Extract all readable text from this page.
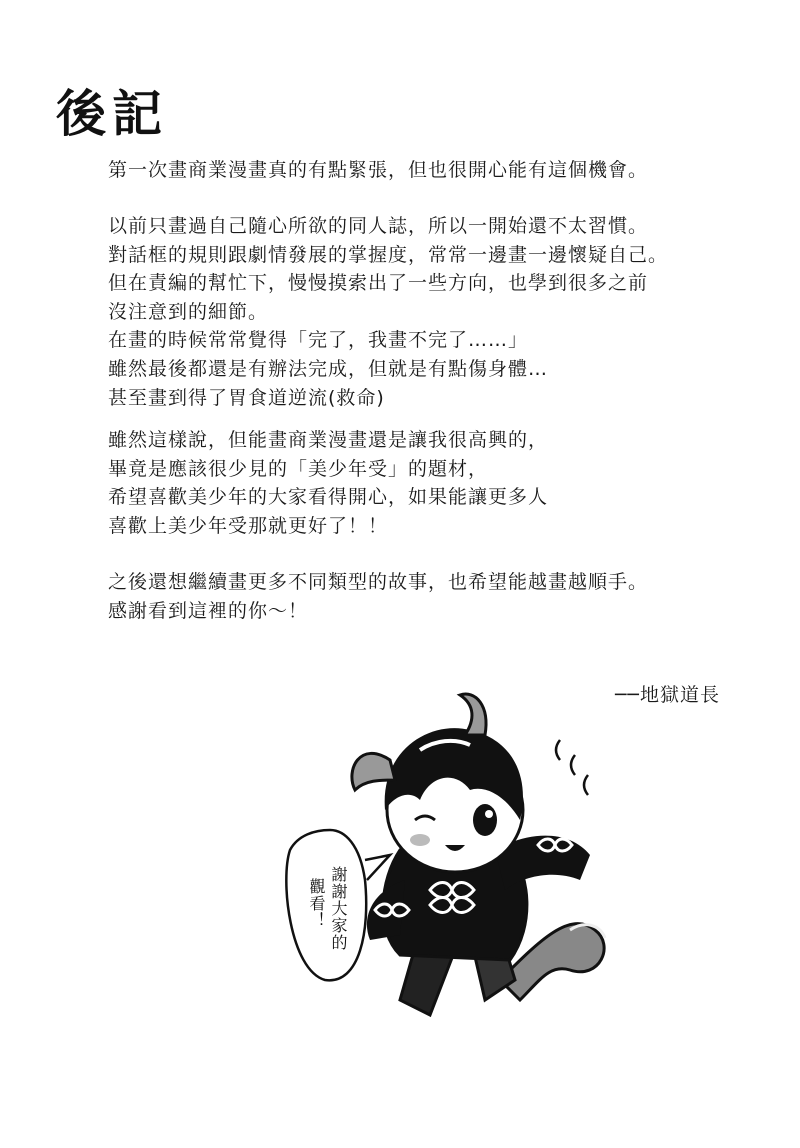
後記
第一次畫商業漫畫真的有點緊張，但也很開心能有這個機會。
以前只畫過自己隨心所欲的同人誌，所以一開始還不太習慣。
對話框的規則跟劇情發展的掌握度，常常一邊畫一邊懷疑自己。
但在責編的幫忙下，慢慢摸索出了一些方向，也學到很多之前
沒注意到的細節。
在畫的時候常常覺得「完了，我畫不完了……」
雖然最後都還是有辦法完成，但就是有點傷身體…
甚至畫到得了胃食道逆流(救命)
雖然這樣說，但能畫商業漫畫還是讓我很高興的，
畢竟是應該很少見的「美少年受」的題材，
希望喜歡美少年的大家看得開心，如果能讓更多人
喜歡上美少年受那就更好了！！
之後還想繼續畫更多不同類型的故事，也希望能越畫越順手。
感謝看到這裡的你～！
──地獄道長
謝謝大家的
觀看！
